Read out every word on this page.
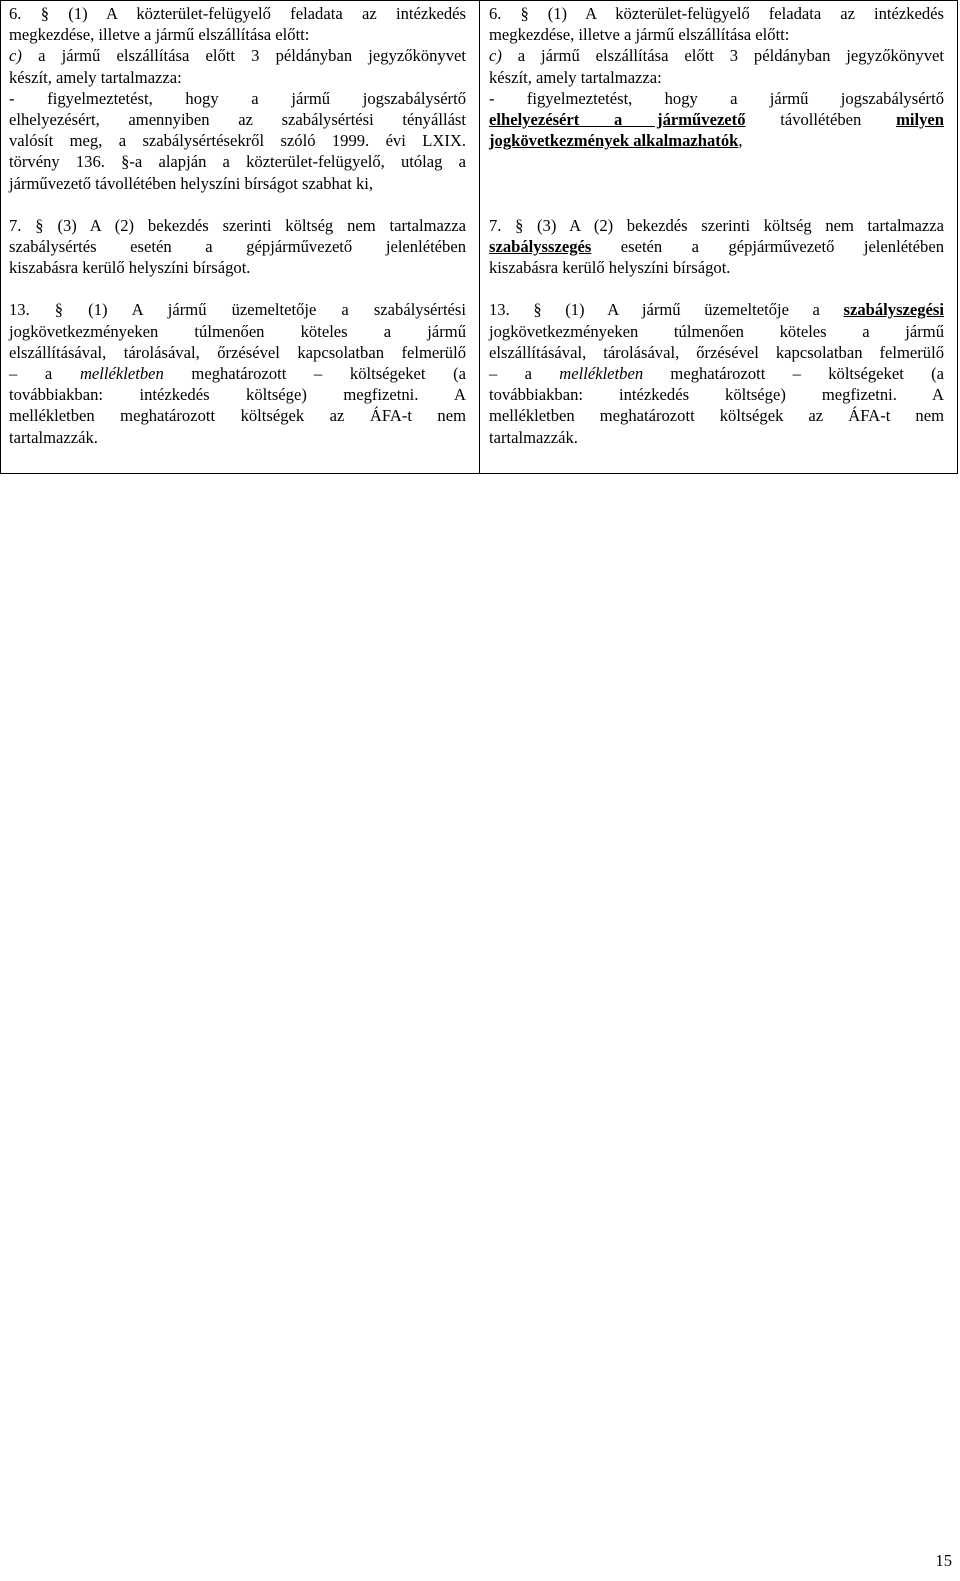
6. § (1) A közterület-felügyelő feladata az intézkedés

megkezdése, illetve a jármű elszállítása előtt:

c) a jármű elszállítása előtt 3 példányban jegyzőkönyvet

készít, amely tartalmazza:

- figyelmeztetést, hogy a jármű jogszabálysértő

elhelyezésért, amennyiben az szabálysértési tényállást

valósít meg, a szabálysértésekről szóló 1999. évi LXIX.

törvény 136. §-a alapján a közterület-felügyelő, utólag a

járművezető távollétében helyszíni bírságot szabhat ki,

7. § (3) A (2) bekezdés szerinti költség nem tartalmazza

szabálysértés esetén a gépjárművezető jelenlétében

kiszabásra kerülő helyszíni bírságot.

13. § (1) A jármű üzemeltetője a szabálysértési

jogkövetkezményeken túlmenően köteles a jármű

elszállításával, tárolásával, őrzésével kapcsolatban felmerülő

– a mellékletben meghatározott – költségeket (a

továbbiakban: intézkedés költsége) megfizetni. A

mellékletben meghatározott költségek az ÁFA-t nem

tartalmazzák.

6. § (1) A közterület-felügyelő feladata az intézkedés

megkezdése, illetve a jármű elszállítása előtt:

c) a jármű elszállítása előtt 3 példányban jegyzőkönyvet

készít, amely tartalmazza:

- figyelmeztetést, hogy a jármű jogszabálysértő

elhelyezésért a járművezető távollétében milyen

jogkövetkezmények alkalmazhatók,

7. § (3) A (2) bekezdés szerinti költség nem tartalmazza

szabálysszegés esetén a gépjárművezető jelenlétében

kiszabásra kerülő helyszíni bírságot.

13. § (1) A jármű üzemeltetője a szabályszegési

jogkövetkezményeken túlmenően köteles a jármű

elszállításával, tárolásával, őrzésével kapcsolatban felmerülő

– a mellékletben meghatározott – költségeket (a

továbbiakban: intézkedés költsége) megfizetni. A

mellékletben meghatározott költségek az ÁFA-t nem

tartalmazzák.

15
